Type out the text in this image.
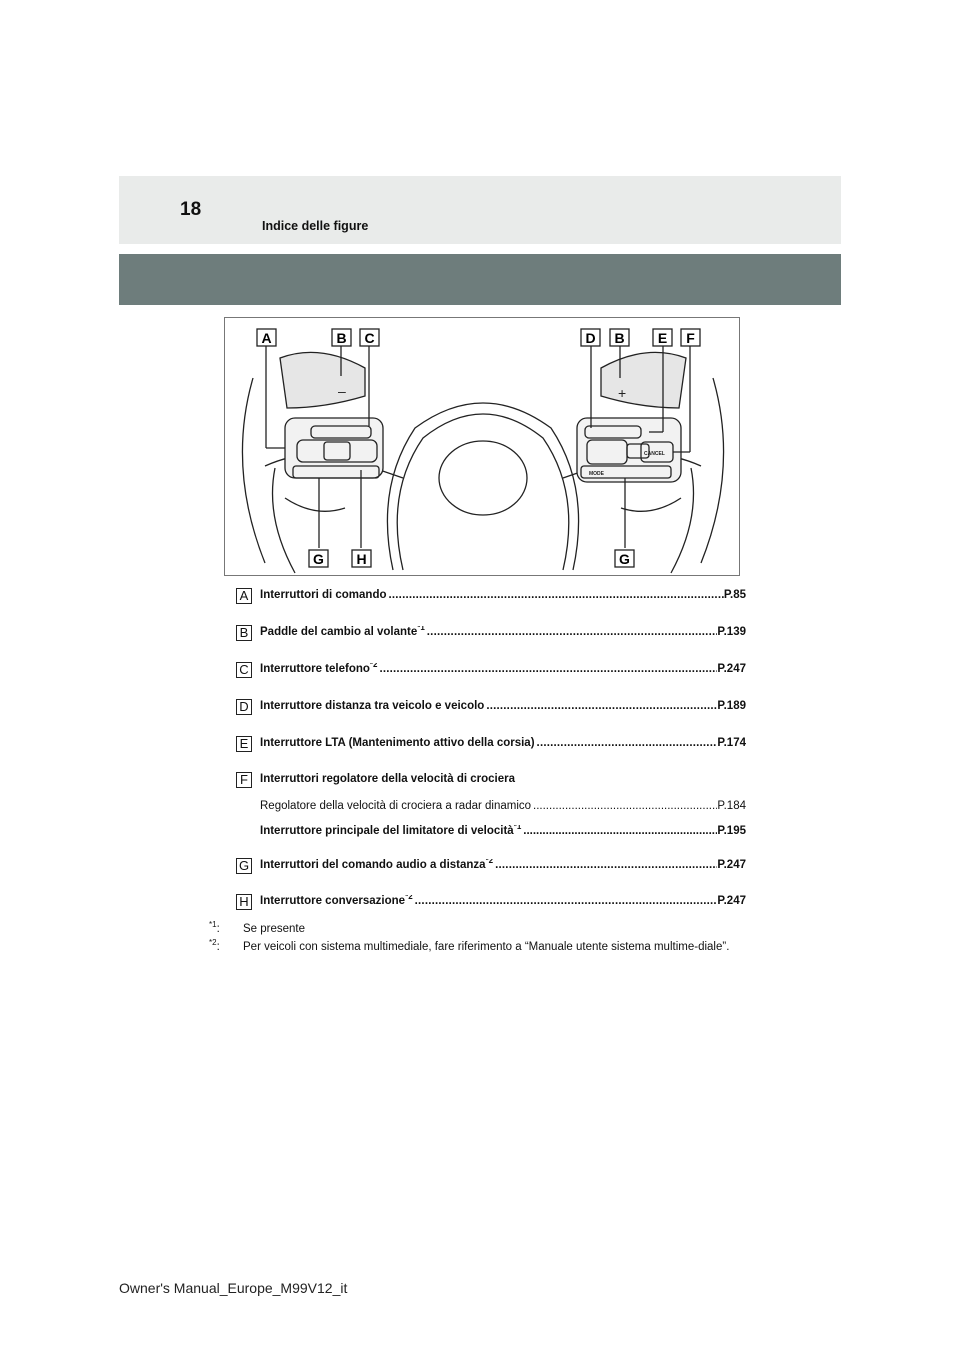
18
Indice delle figure
–	+
CANCEL
MODE
A	B C	D B E F
G H	G
A	Interruttori di comando .....	P.85
B	Paddle del cambio al volante$^{*1}$ .....	P.139
C Interruttore telefono$^{*2}$ .....	P.247
D Interruttore distanza tra veicolo e veicolo .....	P.189
E	Interruttore LTA (Mantenimento attivo della corsia) .....	P.174
F	Interruttori regolatore della velocità di crociera
Regolatore della velocità di crociera a radar dinamico .....	P.184
Interruttore principale del limitatore di velocità$^{*1}$ .....	P.195
G Interruttori del comando audio a distanza$^{*2}$ .....	P.247
H Interruttore conversazione$^{*2}$ .....	P.247
$^{*1}$: Se presente
$^{*2}$: Per veicoli con sistema multimediale, fare riferimento a “Manuale utente sistema multime-diale”.
Owner's Manual_Europe_M99V12_it
